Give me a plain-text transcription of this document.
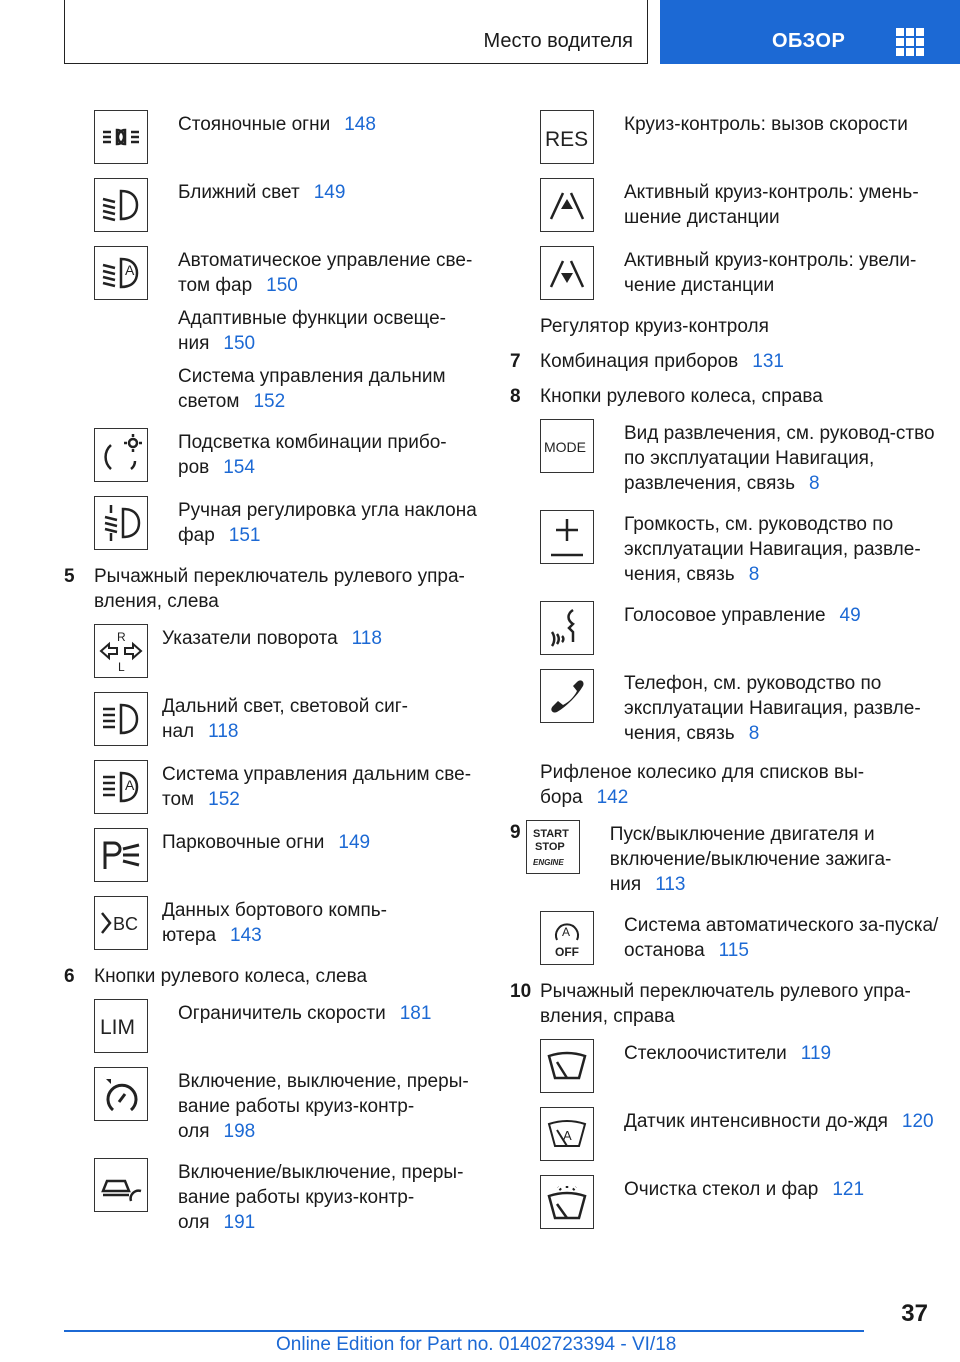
Место водителя	ОБЗОР
Стояночные огни 148
Ближний свет 149
A Автоматическое управление све-том фар 150
Адаптивные функции освеще-ния 150
Система управления дальним светом 152
Подсветка комбинации прибо-ров 154
Ручная регулировка угла наклона фар 151
5	Рычажный переключатель рулевого упра-вления, слева
R
L
Указатели поворота 118
Дальний свет, световой сиг-нал 118
A Система управления дальним све-том 152
Парковочные огни 149
BC
Данных бортового компь-ютера 143
6	Кнопки рулевого колеса, слева
LIM
Ограничитель скорости 181
Включение, выключение, преры-вание работы круиз-контр-оля 198
Включение/выключение, преры-вание работы круиз-контр-оля 191
RES
Круиз-контроль: вызов скорости
Активный круиз-контроль: умень-шение дистанции
Активный круиз-контроль: увели-чение дистанции
Регулятор круиз-контроля
7	Комбинация приборов 131
8	Кнопки рулевого колеса, справа
MODE
Вид развлечения, см. руковод-ство по эксплуатации Навигация, развлечения, связь 8
Громкость, см. руководство по эксплуатации Навигация, развле-чения, связь 8
Голосовое управление 49
Телефон, см. руководство по эксплуатации Навигация, развле-чения, связь 8
Рифленое колесико для списков вы-бора 142
9	START
STOP
ENGINE
Пуск/выключение двигателя и включение/выключение зажига-ния 113
A
OFF
Система автоматического за-пуска/останова 115
10 Рычажный переключатель рулевого упра-вления, справа
Стеклоочистители 119
A
Датчик интенсивности до-ждя 120
Очистка стекол и фар 121
37
Online Edition for Part no. 01402723394 - VI/18
